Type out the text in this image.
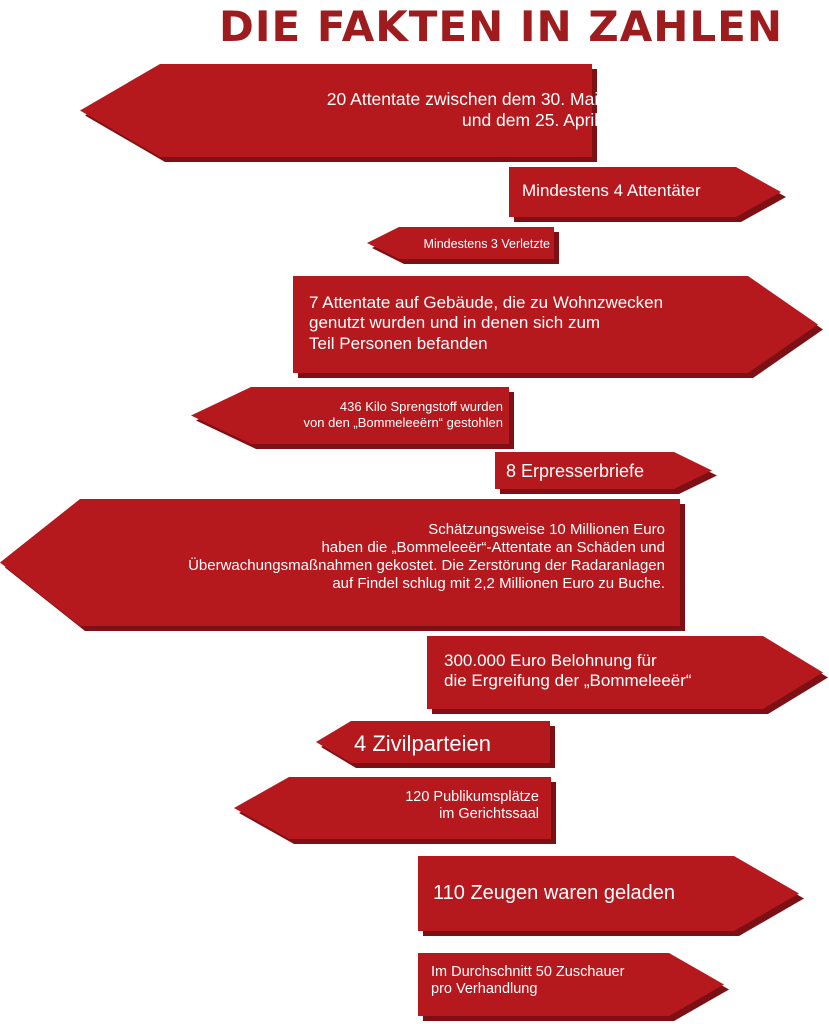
DIE FAKTEN IN ZAHLEN
20 Attentate zwischen dem 30. Mai 1984
und dem 25. April 1986
Mindestens 4 Attentäter
Mindestens 3 Verletzte
7 Attentate auf Gebäude, die zu Wohnzwecken
genutzt wurden und in denen sich zum
Teil Personen befanden
436 Kilo Sprengstoff wurden
von den „Bommeleeërn“ gestohlen
8 Erpresserbriefe
Schätzungsweise 10 Millionen Euro
haben die „Bommeleeër“-Attentate an Schäden und
Überwachungsmaßnahmen gekostet. Die Zerstörung der Radaranlagen
auf Findel schlug mit 2,2 Millionen Euro zu Buche.
300.000 Euro Belohnung für
die Ergreifung der „Bommeleeër“
4 Zivilparteien
120 Publikumsplätze
im Gerichtssaal
110 Zeugen waren geladen
Im Durchschnitt 50 Zuschauer
pro Verhandlung
